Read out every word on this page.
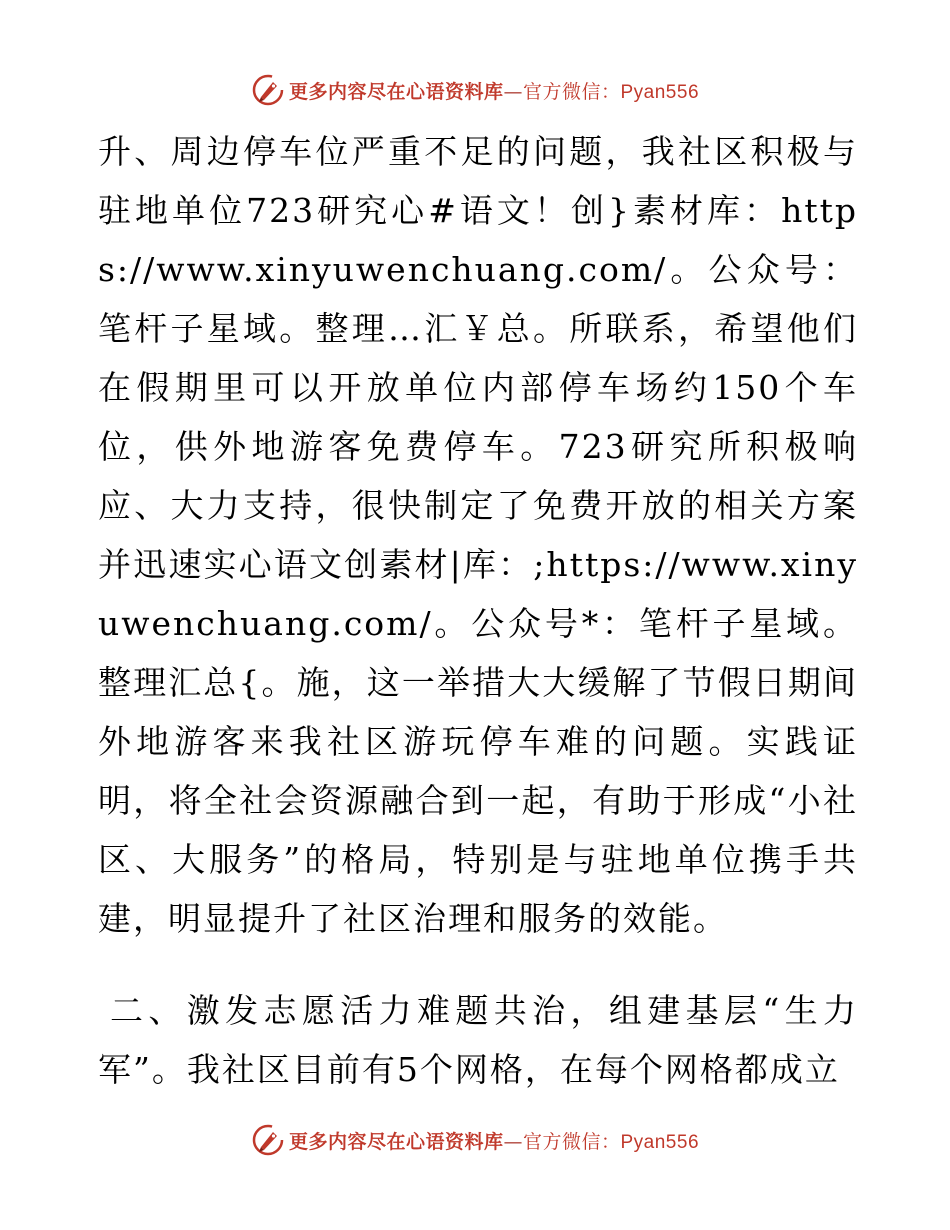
更多内容尽在心语资料库—官方微信：Pyan556

升、周边停车位严重不足的问题，我社区积极与驻地单位723研究心#语文！创}素材库：https://www.xinyuwenchuang.com/。公众号：笔杆子星域。整理…汇￥总。所联系，希望他们在假期里可以开放单位内部停车场约150个车位，供外地游客免费停车。723研究所积极响应、大力支持，很快制定了免费开放的相关方案并迅速实心语文创素材|库：;https://www.xinyuwenchuang.com/。公众号*：笔杆子星域。整理汇总{。施，这一举措大大缓解了节假日期间外地游客来我社区游玩停车难的问题。实践证明，将全社会资源融合到一起，有助于形成“小社区、大服务”的格局，特别是与驻地单位携手共建，明显提升了社区治理和服务的效能。

二、激发志愿活力难题共治，组建基层“生力军”。我社区目前有5个网格，在每个网格都成立

更多内容尽在心语资料库—官方微信：Pyan556
